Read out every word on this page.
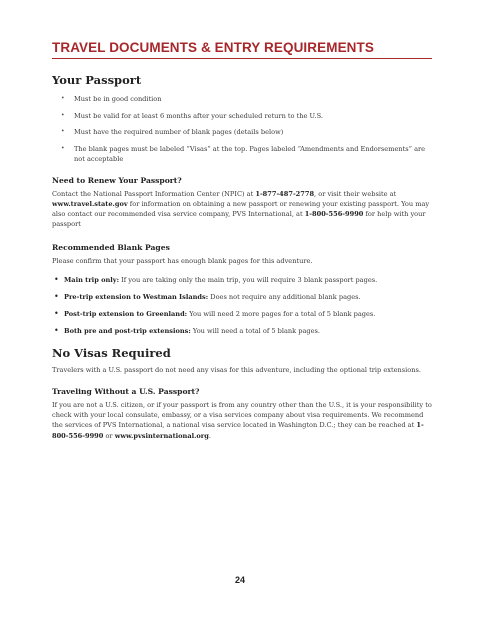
TRAVEL DOCUMENTS & ENTRY REQUIREMENTS
Your Passport
• Must be in good condition
• Must be valid for at least 6 months after your scheduled return to the U.S.
• Must have the required number of blank pages (details below)
• The blank pages must be labeled “Visas” at the top. Pages labeled “Amendments and Endorsements” are not acceptable
Need to Renew Your Passport?

Contact the National Passport Information Center (NPIC) at 1-877-487-2778, or visit their website at www.travel.state.gov for information on obtaining a new passport or renewing your existing passport. You may also contact our recommended visa service company, PVS International, at 1-800-556-9990 for help with your passport

Recommended Blank Pages

Please confirm that your passport has enough blank pages for this adventure.

• Main trip only: If you are taking only the main trip, you will require 3 blank passport pages.
• Pre-trip extension to Westman Islands: Does not require any additional blank pages.
• Post-trip extension to Greenland: You will need 2 more pages for a total of 5 blank pages.
• Both pre and post-trip extensions: You will need a total of 5 blank pages.
No Visas Required

Travelers with a U.S. passport do not need any visas for this adventure, including the optional trip extensions.

Traveling Without a U.S. Passport?

If you are not a U.S. citizen, or if your passport is from any country other than the U.S., it is your responsibility to check with your local consulate, embassy, or a visa services company about visa requirements. We recommend the services of PVS International, a national visa service located in Washington D.C.; they can be reached at 1-800-556-9990 or www.pvsinternational.org.

24
